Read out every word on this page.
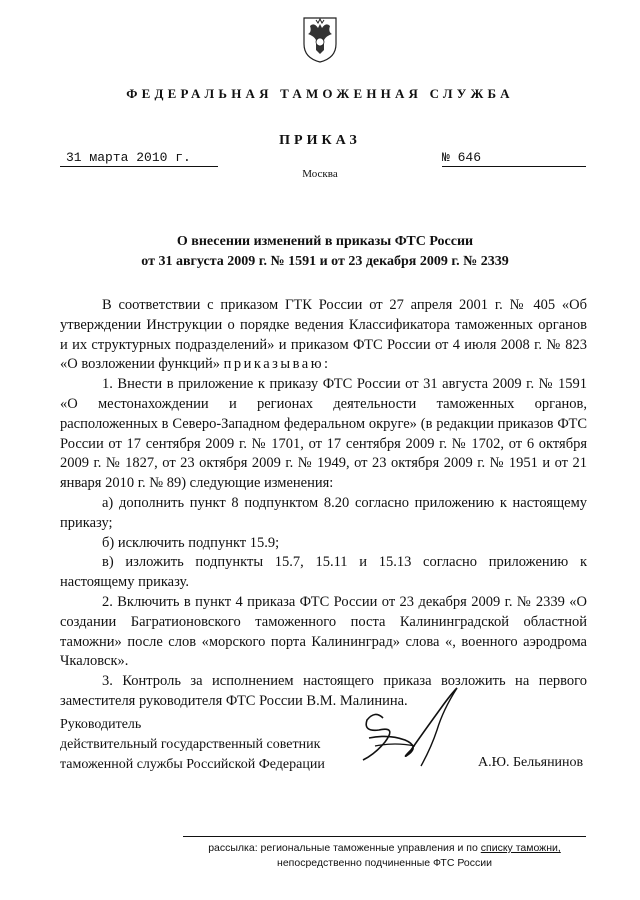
ФЕДЕРАЛЬНАЯ ТАМОЖЕННАЯ СЛУЖБА
ПРИКАЗ
31 марта 2010 г.	№ 646
Москва
О внесении изменений в приказы ФТС России
от 31 августа 2009 г. № 1591 и от 23 декабря 2009 г. № 2339

В соответствии с приказом ГТК России от 27 апреля 2001 г. № 405 «Об утверждении Инструкции о порядке ведения Классификатора таможенных органов и их структурных подразделений» и приказом ФТС России от 4 июля 2008 г. № 823 «О возложении функций» приказываю:

1. Внести в приложение к приказу ФТС России от 31 августа 2009 г. № 1591 «О местонахождении и регионах деятельности таможенных органов, расположенных в Северо-Западном федеральном округе» (в редакции приказов ФТС России от 17 сентября 2009 г. № 1701, от 17 сентября 2009 г. № 1702, от 6 октября 2009 г. № 1827, от 23 октября 2009 г. № 1949, от 23 октября 2009 г. № 1951 и от 21 января 2010 г. № 89) следующие изменения:

а) дополнить пункт 8 подпунктом 8.20 согласно приложению к настоящему приказу;

б) исключить подпункт 15.9;

в) изложить подпункты 15.7, 15.11 и 15.13 согласно приложению к настоящему приказу.

2. Включить в пункт 4 приказа ФТС России от 23 декабря 2009 г. № 2339 «О создании Багратионовского таможенного поста Калининградской областной таможни» после слов «морского порта Калининград» слова «, военного аэродрома Чкаловск».

3. Контроль за исполнением настоящего приказа возложить на первого заместителя руководителя ФТС России В.М. Малинина.

Руководитель
действительный государственный советник
таможенной службы Российской Федерации	А.Ю. Бельянинов
рассылка: региональные таможенные управления и по списку таможни,
непосредственно подчиненные ФТС России
